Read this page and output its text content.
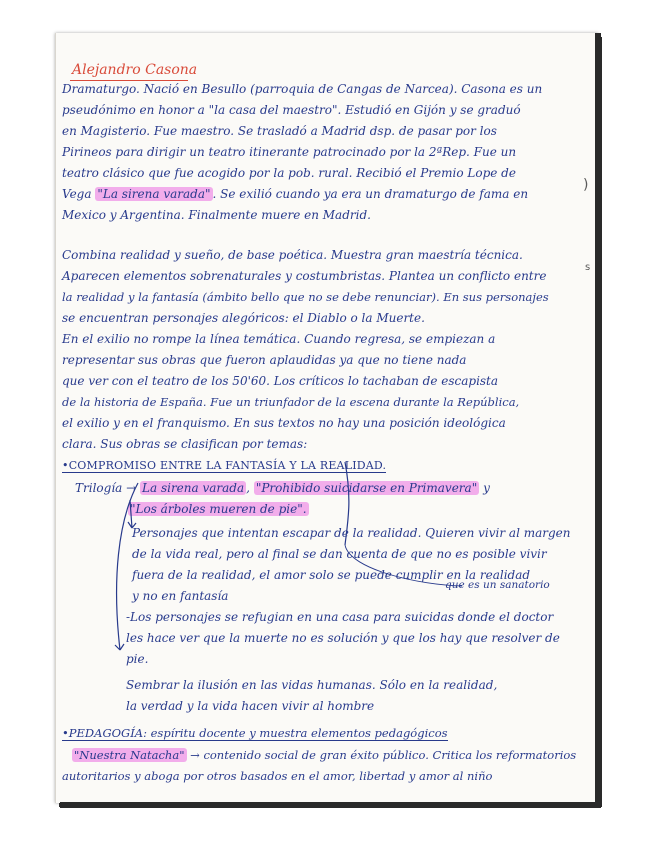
Alejandro Casona
Dramaturgo. Nació en Besullo (parroquia de Cangas de Narcea). Casona es un
pseudónimo en honor a "la casa del maestro". Estudió en Gijón y se graduó
en Magisterio. Fue maestro. Se trasladó a Madrid dsp. de pasar por los
Pirineos para dirigir un teatro itinerante patrocinado por la 2ªRep. Fue un
teatro clásico que fue acogido por la pob. rural. Recibió el Premio Lope de
Vega "La sirena varada" . Se exilió cuando ya era un dramaturgo de fama en
Mexico y Argentina. Finalmente muere en Madrid.
Combina realidad y sueño, de base poética. Muestra gran maestría técnica.
Aparecen elementos sobrenaturales y costumbristas. Plantea un conflicto entre
la realidad y la fantasía (ámbito bello que no se debe renunciar). En sus personajes
se encuentran personajes alegóricos: el Diablo o la Muerte.
En el exilio no rompe la línea temática. Cuando regresa, se empiezan a
representar sus obras que fueron aplaudidas ya que no tiene nada
que ver con el teatro de los 50'60. Los críticos lo tachaban de escapista
de la historia de España. Fue un triunfador de la escena durante la República,
el exilio y en el franquismo. En sus textos no hay una posición ideológica
clara. Sus obras se clasifican por temas:
•COMPROMISO ENTRE LA FANTASÍA Y LA REALIDAD.
Trilogía → La sirena varada , "Prohibido suicidarse en Primavera" y
"Los árboles mueren de pie".
Personajes que intentan escapar de la realidad. Quieren vivir al margen
de la vida real, pero al final se dan cuenta de que no es posible vivir
fuera de la realidad, el amor solo se puede cumplir en la realidad
y no en fantasía
que es un sanatorio
-Los personajes se refugian en una casa para suicidas donde el doctor
les hace ver que la muerte no es solución y que los hay que resolver de
pie.
Sembrar la ilusión en las vidas humanas. Sólo en la realidad,
la verdad y la vida hacen vivir al hombre
•PEDAGOGÍA: espíritu docente y muestra elementos pedagógicos
"Nuestra Natacha" → contenido social de gran éxito público. Critica los reformatorios
autoritarios y aboga por otros basados en el amor, libertad y amor al niño
)
s
